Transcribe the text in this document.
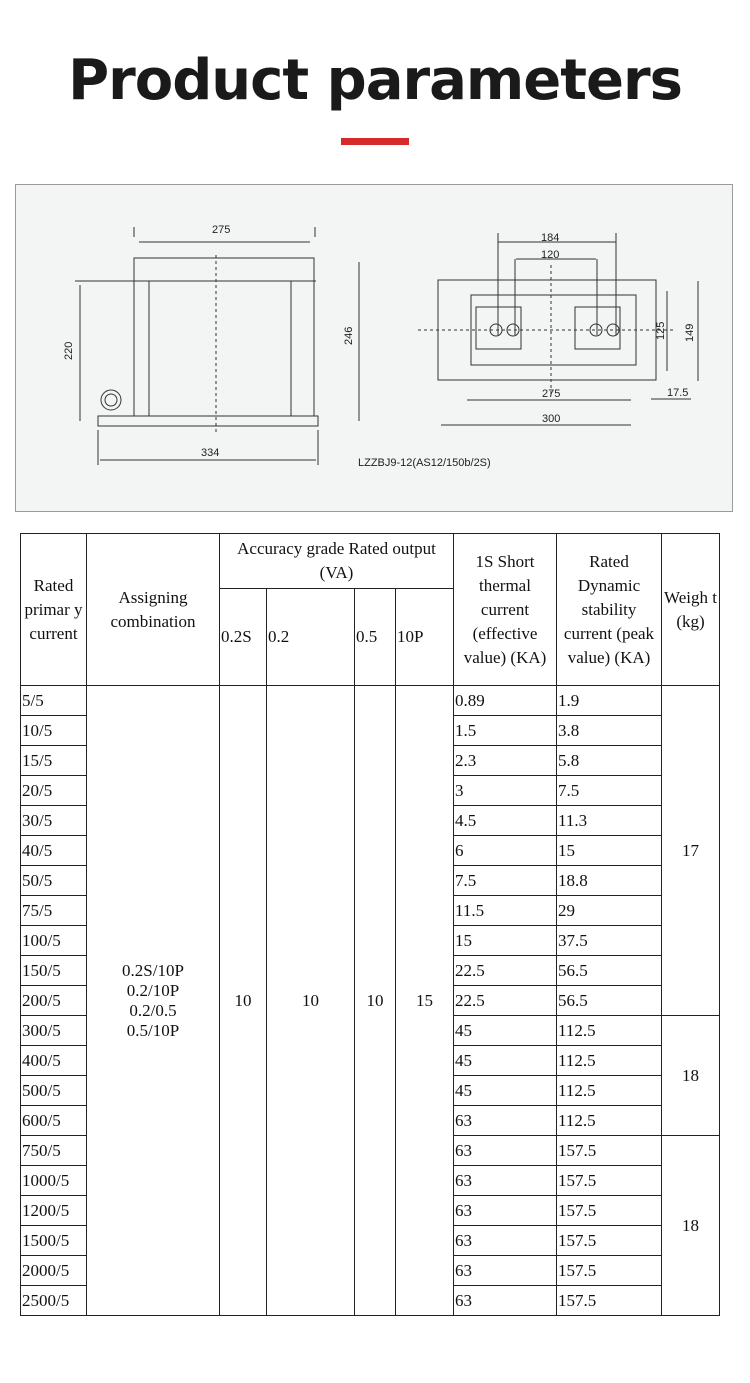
Product parameters
275
220
246
334
184
120
125 149
275
300
17.5
LZZBJ9-12(AS12/150b/2S)
Rated primar y current	Assigning combination	Accuracy grade Rated output (VA)				1S Short thermal current (effective value) (KA)	Rated Dynamic stability current (peak value) (KA)	Weigh t (kg)
		0.2S	0.2	0.5	10P			
5/5	0.2S/10P 0.2/10P 0.2/0.5 0.5/10P	10	10	10	15	0.89	1.9	17
10/5						1.5	3.8	
15/5						2.3	5.8	
20/5						3	7.5	
30/5						4.5	11.3	
40/5						6	15	
50/5						7.5	18.8	
75/5						11.5	29	
100/5						15	37.5	
150/5						22.5	56.5	
200/5						22.5	56.5	
300/5						45	112.5	18
400/5						45	112.5	
500/5						45	112.5	
600/5						63	112.5	
750/5						63	157.5	18
1000/5						63	157.5	
1200/5						63	157.5	
1500/5						63	157.5	
2000/5						63	157.5	
2500/5						63	157.5	
